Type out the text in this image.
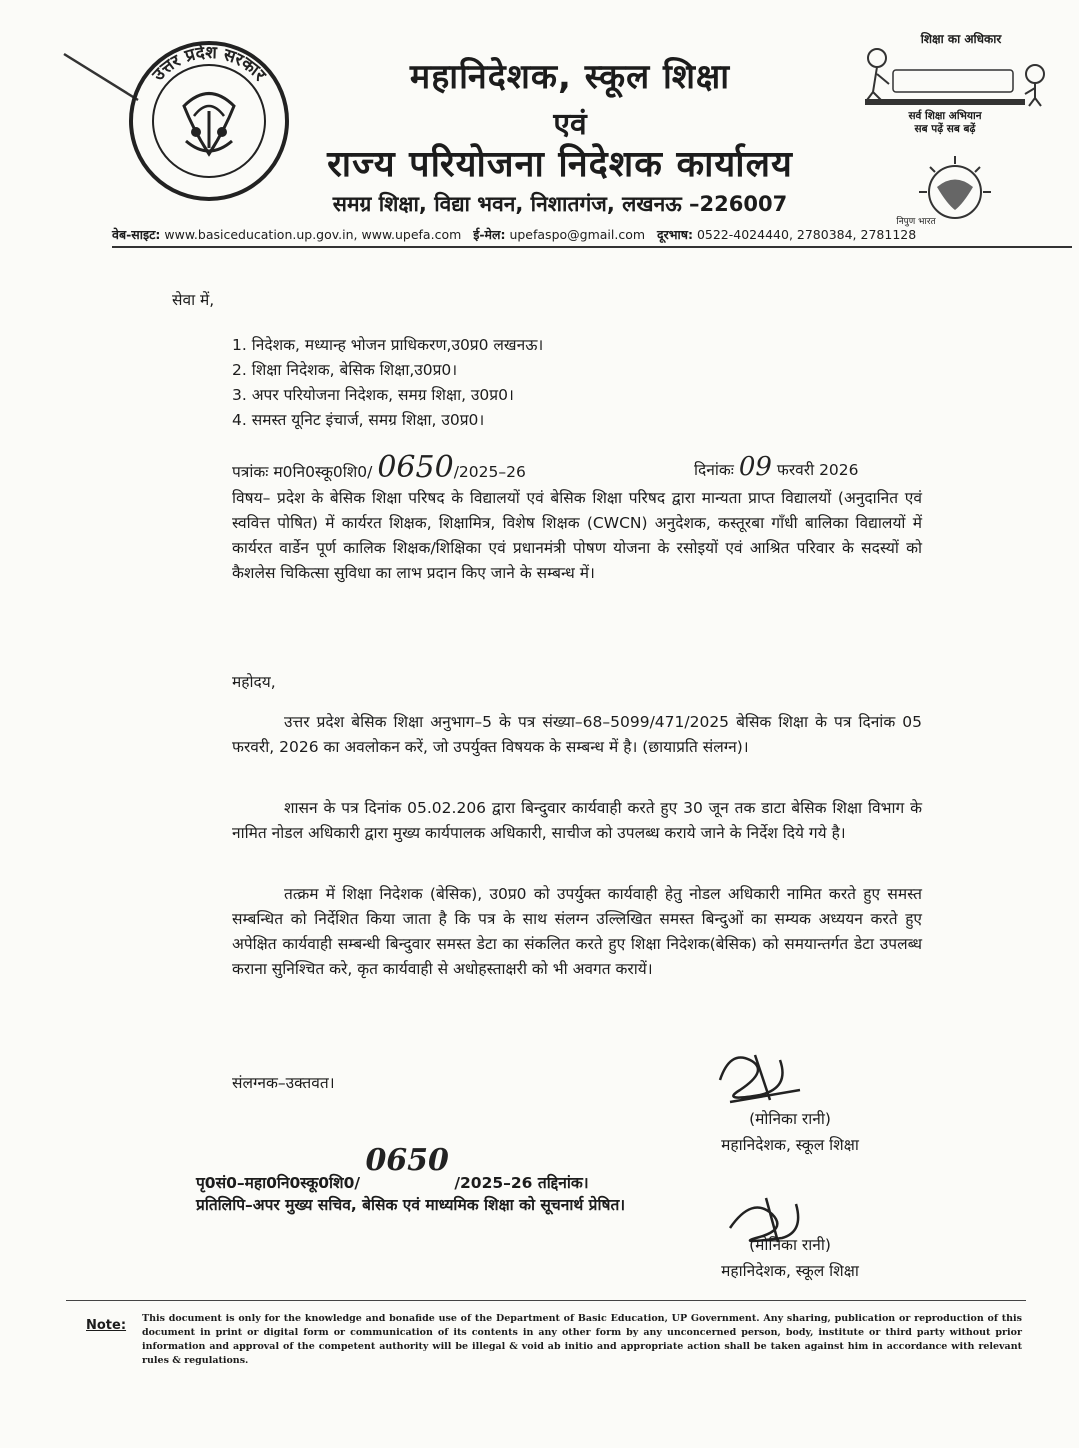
उत्तर प्रदेश सरकार	महानिदेशक, स्कूल शिक्षा
एवं
राज्य परियोजना निदेशक कार्यालय
समग्र शिक्षा, विद्या भवन, निशातगंज, लखनऊ –226007
शिक्षा का अधिकार
सर्व शिक्षा अभियान
सब पढ़ें सब बढ़ें
निपुण भारत
वेब-साइट: www.basiceducation.up.gov.in, www.upefa.com ई-मेल: upefaspo@gmail.com दूरभाष: 0522-4024440, 2780384, 2781128
सेवा में,
1. निदेशक, मध्यान्ह भोजन प्राधिकरण,उ0प्र0 लखनऊ।
2. शिक्षा निदेशक, बेसिक शिक्षा,उ0प्र0।
3. अपर परियोजना निदेशक, समग्र शिक्षा, उ0प्र0।
4. समस्त यूनिट इंचार्ज, समग्र शिक्षा, उ0प्र0।
पत्रांकः म0नि0स्कू0शि0/ 0650/2025–26	दिनांकः 09 फरवरी 2026
विषय– प्रदेश के बेसिक शिक्षा परिषद के विद्यालयों एवं बेसिक शिक्षा परिषद द्वारा मान्यता प्राप्त विद्यालयों (अनुदानित एवं स्ववित्त पोषित) में कार्यरत शिक्षक, शिक्षामित्र, विशेष शिक्षक (CWCN) अनुदेशक, कस्तूरबा गाँधी बालिका विद्यालयों में कार्यरत वार्डेन पूर्ण कालिक शिक्षक/शिक्षिका एवं प्रधानमंत्री पोषण योजना के रसोइयों एवं आश्रित परिवार के सदस्यों को कैशलेस चिकित्सा सुविधा का लाभ प्रदान किए जाने के सम्बन्ध में।
महोदय,
उत्तर प्रदेश बेसिक शिक्षा अनुभाग–5 के पत्र संख्या–68–5099/471/2025 बेसिक शिक्षा के पत्र दिनांक 05 फरवरी, 2026 का अवलोकन करें, जो उपर्युक्त विषयक के सम्बन्ध में है। (छायाप्रति संलग्न)।
शासन के पत्र दिनांक 05.02.206 द्वारा बिन्दुवार कार्यवाही करते हुए 30 जून तक डाटा बेसिक शिक्षा विभाग के नामित नोडल अधिकारी द्वारा मुख्य कार्यपालक अधिकारी, साचीज को उपलब्ध कराये जाने के निर्देश दिये गये है।
तत्क्रम में शिक्षा निदेशक (बेसिक), उ0प्र0 को उपर्युक्त कार्यवाही हेतु नोडल अधिकारी नामित करते हुए समस्त सम्बन्धित को निर्देशित किया जाता है कि पत्र के साथ संलग्न उल्लिखित समस्त बिन्दुओं का सम्यक अध्ययन करते हुए अपेक्षित कार्यवाही सम्बन्धी बिन्दुवार समस्त डेटा का संकलित करते हुए शिक्षा निदेशक(बेसिक) को समयान्तर्गत डेटा उपलब्ध कराना सुनिश्चित करे, कृत कार्यवाही से अधोहस्ताक्षरी को भी अवगत करायें।
संलग्नक–उक्तवत।
(मोनिका रानी)
महानिदेशक, स्कूल शिक्षा
पृ0सं0–महा0नि0स्कू0शि0/ 0650 /2025–26 तद्दिनांक।
प्रतिलिपि–अपर मुख्य सचिव, बेसिक एवं माध्यमिक शिक्षा को सूचनार्थ प्रेषित।
(मोनिका रानी)
महानिदेशक, स्कूल शिक्षा
Note: This document is only for the knowledge and bonafide use of the Department of Basic Education, UP Government. Any sharing, publication or reproduction of this document in print or digital form or communication of its contents in any other form by any unconcerned person, body, institute or third party without prior information and approval of the competent authority will be illegal & void ab initio and appropriate action shall be taken against him in accordance with relevant rules & regulations.
